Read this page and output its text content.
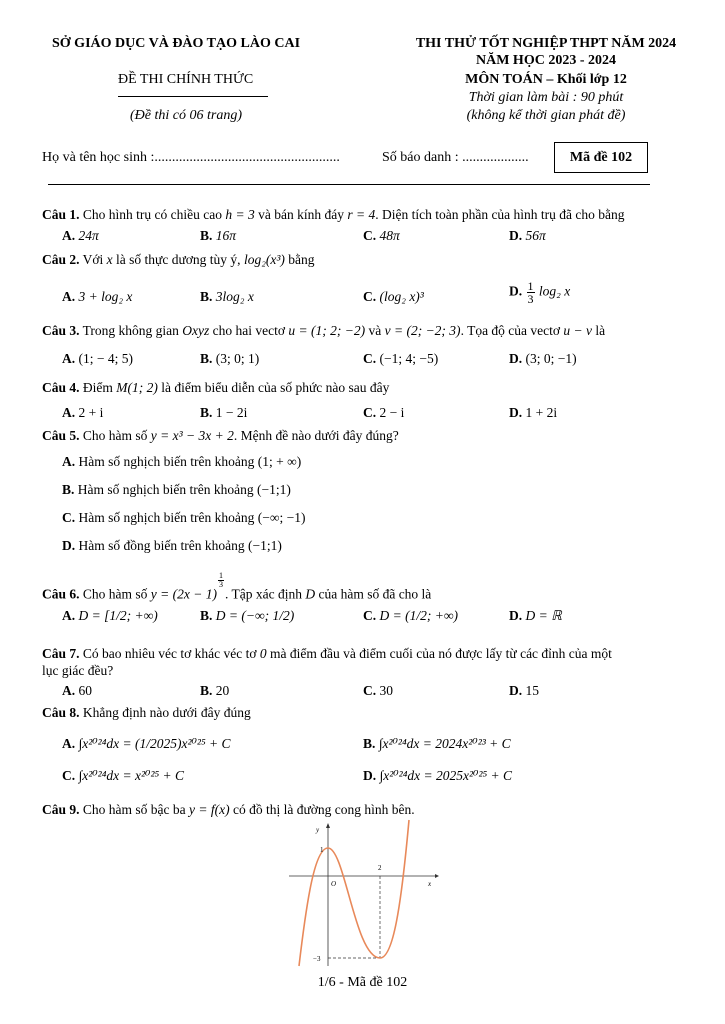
SỞ GIÁO DỤC VÀ ĐÀO TẠO LÀO CAI
ĐỀ THI CHÍNH THỨC
(Đề thi có 06 trang)
THI THỬ TỐT NGHIỆP THPT NĂM 2024
NĂM HỌC 2023 - 2024
MÔN TOÁN – Khối lớp 12
Thời gian làm bài : 90 phút
(không kể thời gian phát đề)
Họ và tên học sinh :.....................................................	Số báo danh : ...................	Mã đề 102
Câu 1. Cho hình trụ có chiều cao h = 3 và bán kính đáy r = 4. Diện tích toàn phần của hình trụ đã cho bằng
A. 24π	B. 16π	C. 48π	D. 56π
Câu 2. Với x là số thực dương tùy ý, log₂(x³) bằng
A. 3 + log₂ x	B. 3log₂ x	C. (log₂ x)³	D. $\frac{1}{3} \log_2$ x
Câu 3. Trong không gian Oxyz cho hai vectơ u = (1; 2; −2) và v = (2; −2; 3). Tọa độ của vectơ u − v là
A. (1; − 4; 5)	B. (3; 0; 1)	C. (−1; 4; −5)	D. (3; 0; −1)
Câu 4. Điểm M(1; 2) là điểm biểu diễn của số phức nào sau đây
A. 2 + i	B. 1 − 2i	C. 2 − i	D. 1 + 2i
Câu 5. Cho hàm số y = x³ − 3x + 2. Mệnh đề nào dưới đây đúng?
A. Hàm số nghịch biến trên khoảng (1; + ∞)
B. Hàm số nghịch biến trên khoảng (−1;1)
C. Hàm số nghịch biến trên khoảng (−∞; −1)
D. Hàm số đồng biến trên khoảng (−1;1)
Câu 6. Cho hàm số y = (2x − 1)
$^{\frac{1}{3}}$
. Tập xác định D của hàm số đã cho là
A. D = [1/2; +∞)	B. D = (−∞; 1/2)	C. D = (1/2; +∞)	D. D = ℝ
Câu 7. Có bao nhiêu véc tơ khác véc tơ 0 mà điểm đầu và điểm cuối của nó được lấy từ các đỉnh của một
lục giác đều?
A. 60	B. 20	C. 30	D. 15
Câu 8. Khẳng định nào dưới đây đúng
A. ∫x²⁰²⁴dx = (1/2025)x²⁰²⁵ + C	B. ∫x²⁰²⁴dx = 2024x²⁰²³ + C
C. ∫x²⁰²⁴dx = x²⁰²⁵ + C	D. ∫x²⁰²⁴dx = 2025x²⁰²⁵ + C
Câu 9. Cho hàm số bậc ba y = f(x) có đồ thị là đường cong hình bên.
y
x
O
2
1
−3
1/6 - Mã đề 102
